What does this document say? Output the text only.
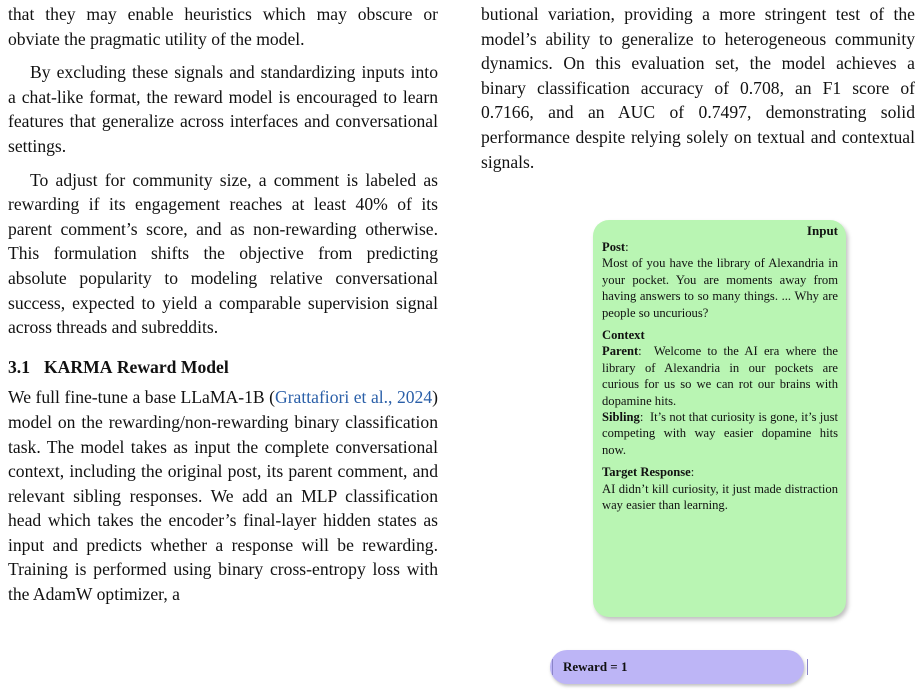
that they may enable heuristics which may obscure or obviate the pragmatic utility of the model.

By excluding these signals and standardizing inputs into a chat-like format, the reward model is encouraged to learn features that generalize across interfaces and conversational settings.

To adjust for community size, a comment is labeled as rewarding if its engagement reaches at least 40% of its parent comment’s score, and as non-rewarding otherwise. This formulation shifts the objective from predicting absolute popularity to modeling relative conversational success, expected to yield a comparable supervision signal across threads and subreddits.

3.1 KARMA Reward Model

We full fine-tune a base LLaMA-1B (Grattafiori et al., 2024) model on the rewarding/non-rewarding binary classification task. The model takes as input the complete conversational context, including the original post, its parent comment, and relevant sibling responses. We add an MLP classification head which takes the encoder’s final-layer hidden states as input and predicts whether a response will be rewarding. Training is performed using binary cross-entropy loss with the AdamW optimizer, a

butional variation, providing a more stringent test of the model’s ability to generalize to heterogeneous community dynamics. On this evaluation set, the model achieves a binary classification accuracy of 0.708, an F1 score of 0.7166, and an AUC of 0.7497, demonstrating solid performance despite relying solely on textual and contextual signals.

Input

Post:

Most of you have the library of Alexandria in your pocket. You are moments away from having answers to so many things. ... Why are people so uncurious?

Context

Parent:  Welcome to the AI era where the library of Alexandria in our pockets are curious for us so we can rot our brains with dopamine hits.

Sibling:  It’s not that curiosity is gone, it’s just competing with way easier dopamine hits now.

Target Response:

AI didn’t kill curiosity, it just made distraction way easier than learning.

Reward = 1
